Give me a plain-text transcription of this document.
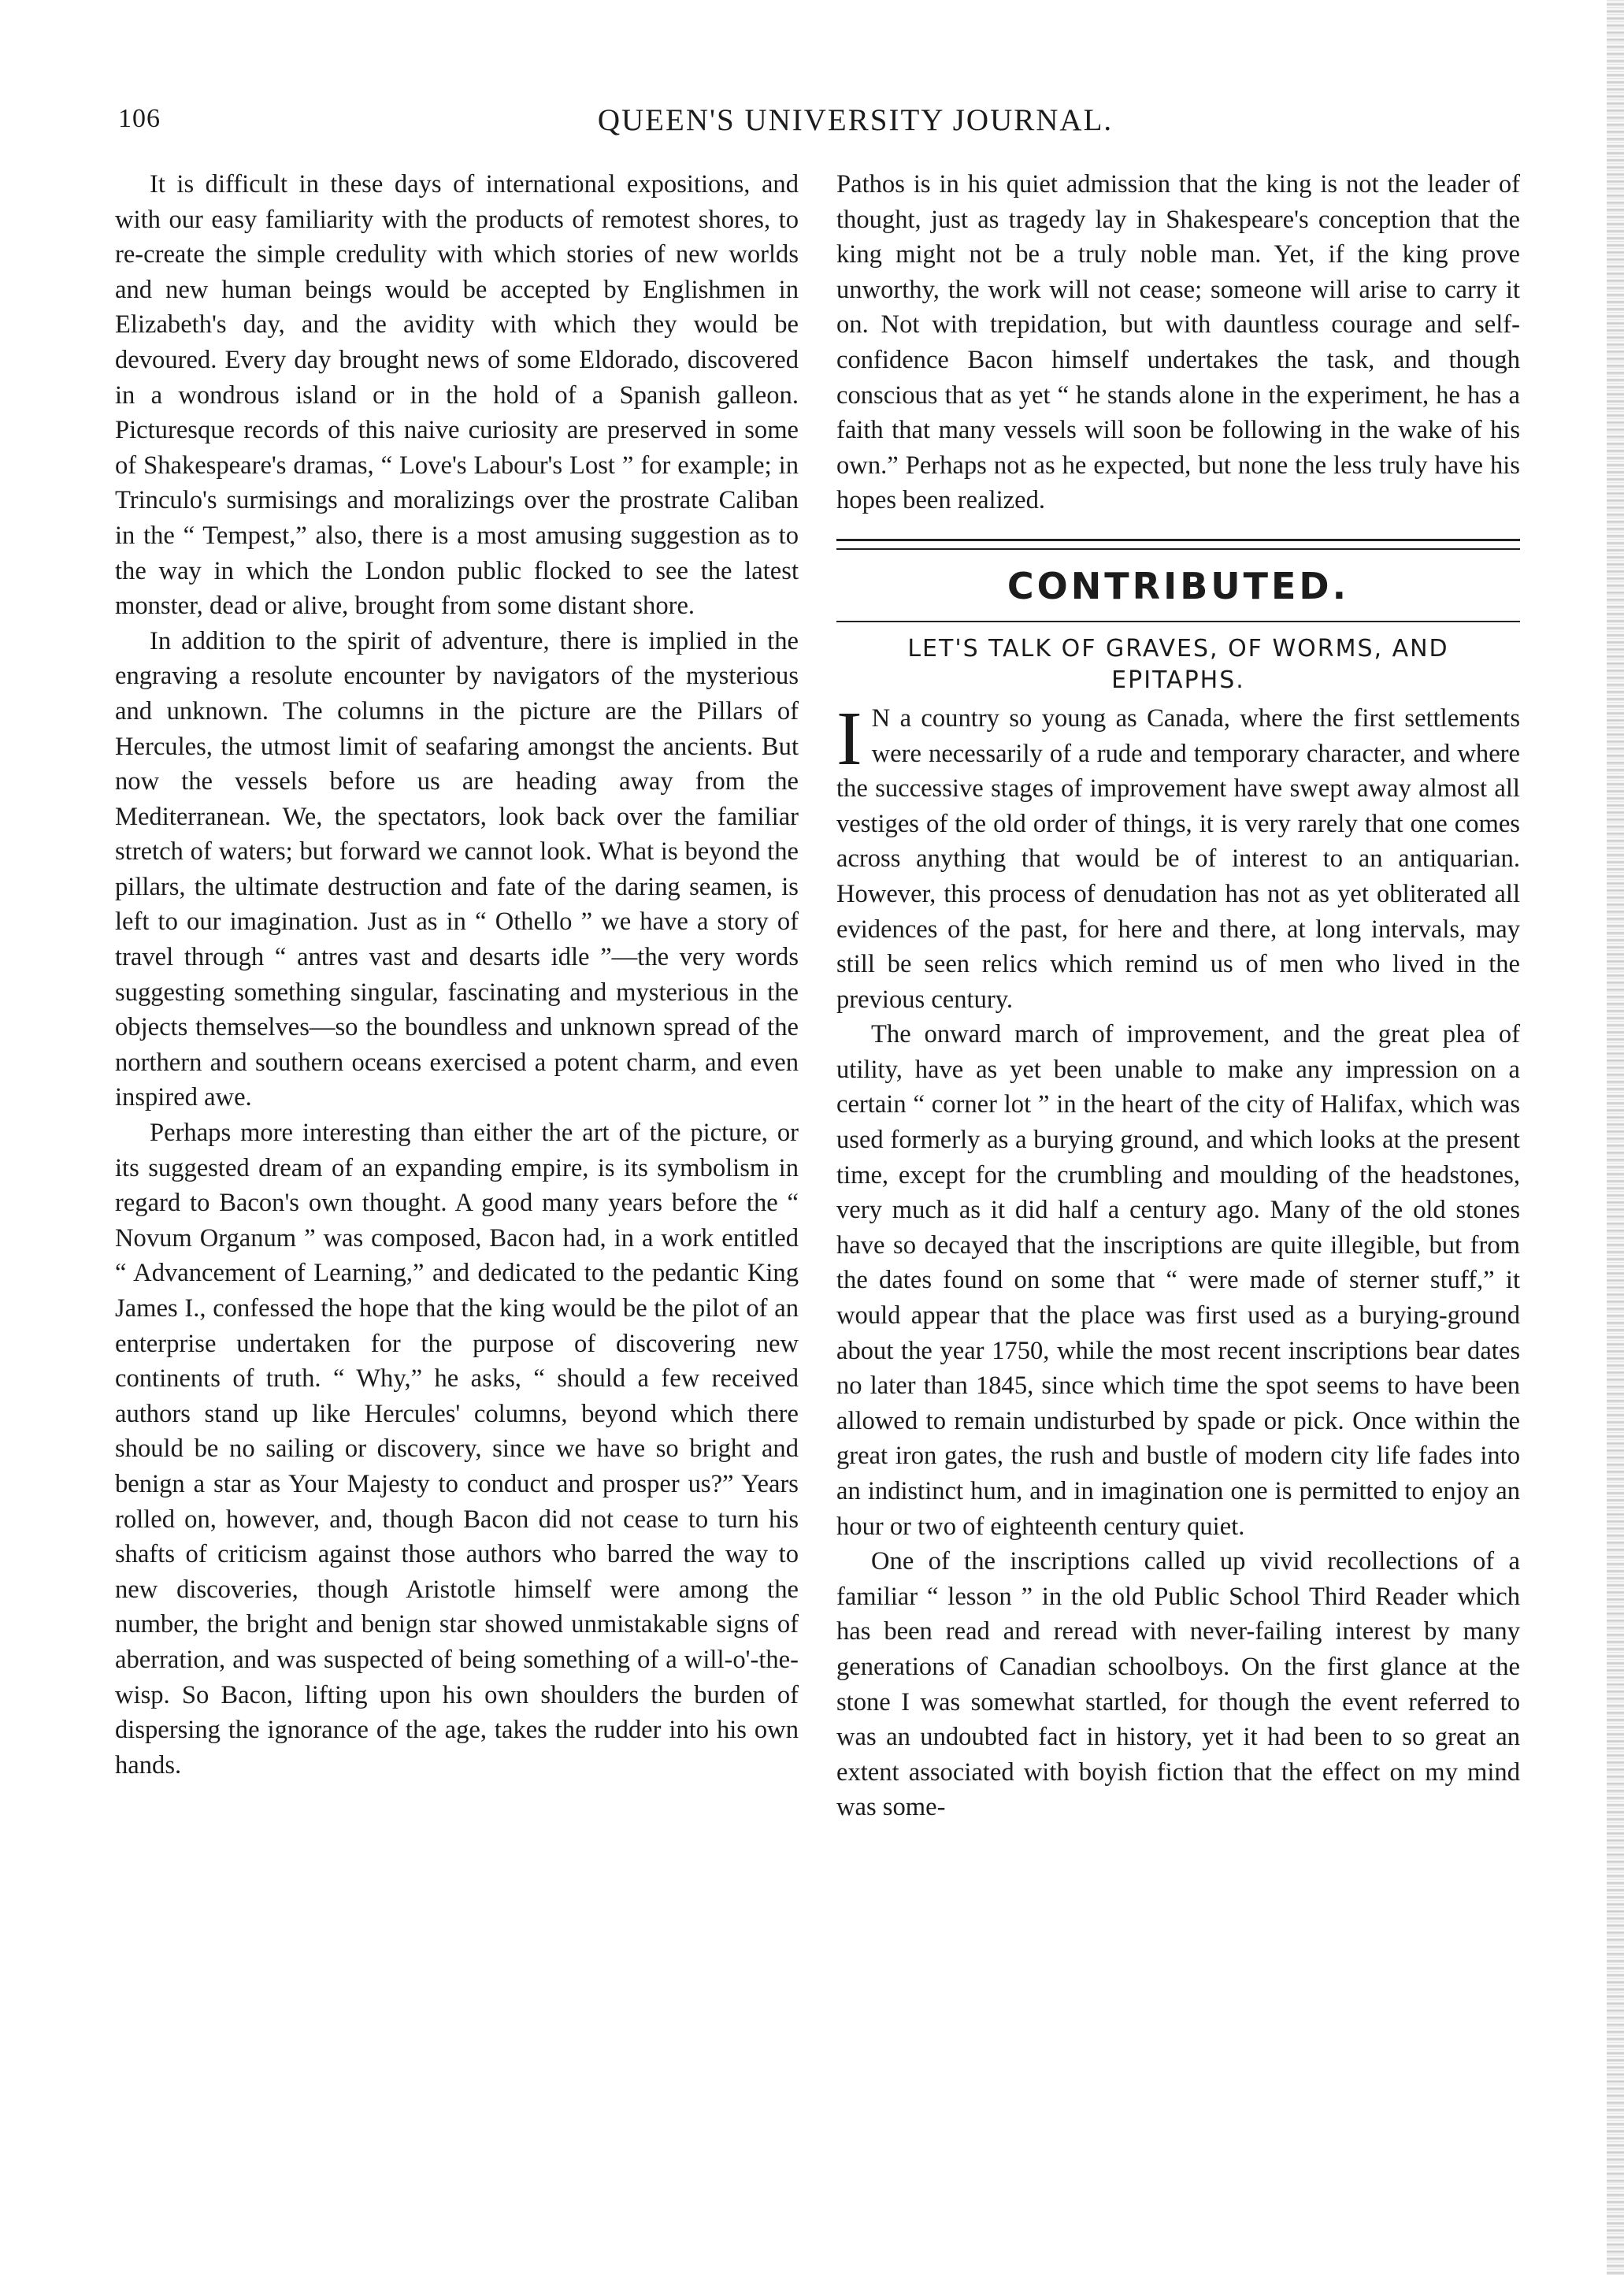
106	QUEEN'S UNIVERSITY JOURNAL.

It is difficult in these days of international expositions, and with our easy familiarity with the products of remotest shores, to re-create the simple credulity with which stories of new worlds and new human beings would be accepted by Englishmen in Elizabeth's day, and the avidity with which they would be devoured. Every day brought news of some Eldorado, discovered in a wondrous island or in the hold of a Spanish galleon. Picturesque records of this naive curiosity are preserved in some of Shakespeare's dramas, “ Love's Labour's Lost ” for example; in Trinculo's surmisings and moralizings over the prostrate Caliban in the “ Tempest,” also, there is a most amusing suggestion as to the way in which the London public flocked to see the latest monster, dead or alive, brought from some distant shore.

In addition to the spirit of adventure, there is implied in the engraving a resolute encounter by navigators of the mysterious and unknown. The columns in the picture are the Pillars of Hercules, the utmost limit of seafaring amongst the ancients. But now the vessels before us are heading away from the Mediterranean. We, the spectators, look back over the familiar stretch of waters; but forward we cannot look. What is beyond the pillars, the ultimate destruction and fate of the daring seamen, is left to our imagination. Just as in “ Othello ” we have a story of travel through “ antres vast and desarts idle ”—the very words suggesting something singular, fascinating and mysterious in the objects themselves—so the boundless and unknown spread of the northern and southern oceans exercised a potent charm, and even inspired awe.

Perhaps more interesting than either the art of the picture, or its suggested dream of an expanding empire, is its symbolism in regard to Bacon's own thought. A good many years before the “ Novum Organum ” was composed, Bacon had, in a work entitled “ Advancement of Learning,” and dedicated to the pedantic King James I., confessed the hope that the king would be the pilot of an enterprise undertaken for the purpose of discovering new continents of truth. “ Why,” he asks, “ should a few received authors stand up like Hercules' columns, beyond which there should be no sailing or discovery, since we have so bright and benign a star as Your Majesty to conduct and prosper us?” Years rolled on, however, and, though Bacon did not cease to turn his shafts of criticism against those authors who barred the way to new discoveries, though Aristotle himself were among the number, the bright and benign star showed unmistakable signs of aberration, and was suspected of being something of a will-o'-the-wisp. So Bacon, lifting upon his own shoulders the burden of dispersing the ignorance of the age, takes the rudder into his own hands.

Pathos is in his quiet admission that the king is not the leader of thought, just as tragedy lay in Shakespeare's conception that the king might not be a truly noble man. Yet, if the king prove unworthy, the work will not cease; someone will arise to carry it on. Not with trepidation, but with dauntless courage and self-confidence Bacon himself undertakes the task, and though conscious that as yet “ he stands alone in the experiment, he has a faith that many vessels will soon be following in the wake of his own.” Perhaps not as he expected, but none the less truly have his hopes been realized.

CONTRIBUTED.
LET'S TALK OF GRAVES, OF WORMS, AND EPITAPHS.

I N a country so young as Canada, where the first settlements were necessarily of a rude and temporary character, and where the successive stages of improvement have swept away almost all vestiges of the old order of things, it is very rarely that one comes across anything that would be of interest to an antiquarian. However, this process of denudation has not as yet obliterated all evidences of the past, for here and there, at long intervals, may still be seen relics which remind us of men who lived in the previous century.

The onward march of improvement, and the great plea of utility, have as yet been unable to make any impression on a certain “ corner lot ” in the heart of the city of Halifax, which was used formerly as a burying ground, and which looks at the present time, except for the crumbling and moulding of the headstones, very much as it did half a century ago. Many of the old stones have so decayed that the inscriptions are quite illegible, but from the dates found on some that “ were made of sterner stuff,” it would appear that the place was first used as a burying-ground about the year 1750, while the most recent inscriptions bear dates no later than 1845, since which time the spot seems to have been allowed to remain undisturbed by spade or pick. Once within the great iron gates, the rush and bustle of modern city life fades into an indistinct hum, and in imagination one is permitted to enjoy an hour or two of eighteenth century quiet.

One of the inscriptions called up vivid recollections of a familiar “ lesson ” in the old Public School Third Reader which has been read and reread with never-failing interest by many generations of Canadian schoolboys. On the first glance at the stone I was somewhat startled, for though the event referred to was an undoubted fact in history, yet it had been to so great an extent associated with boyish fiction that the effect on my mind was some-
